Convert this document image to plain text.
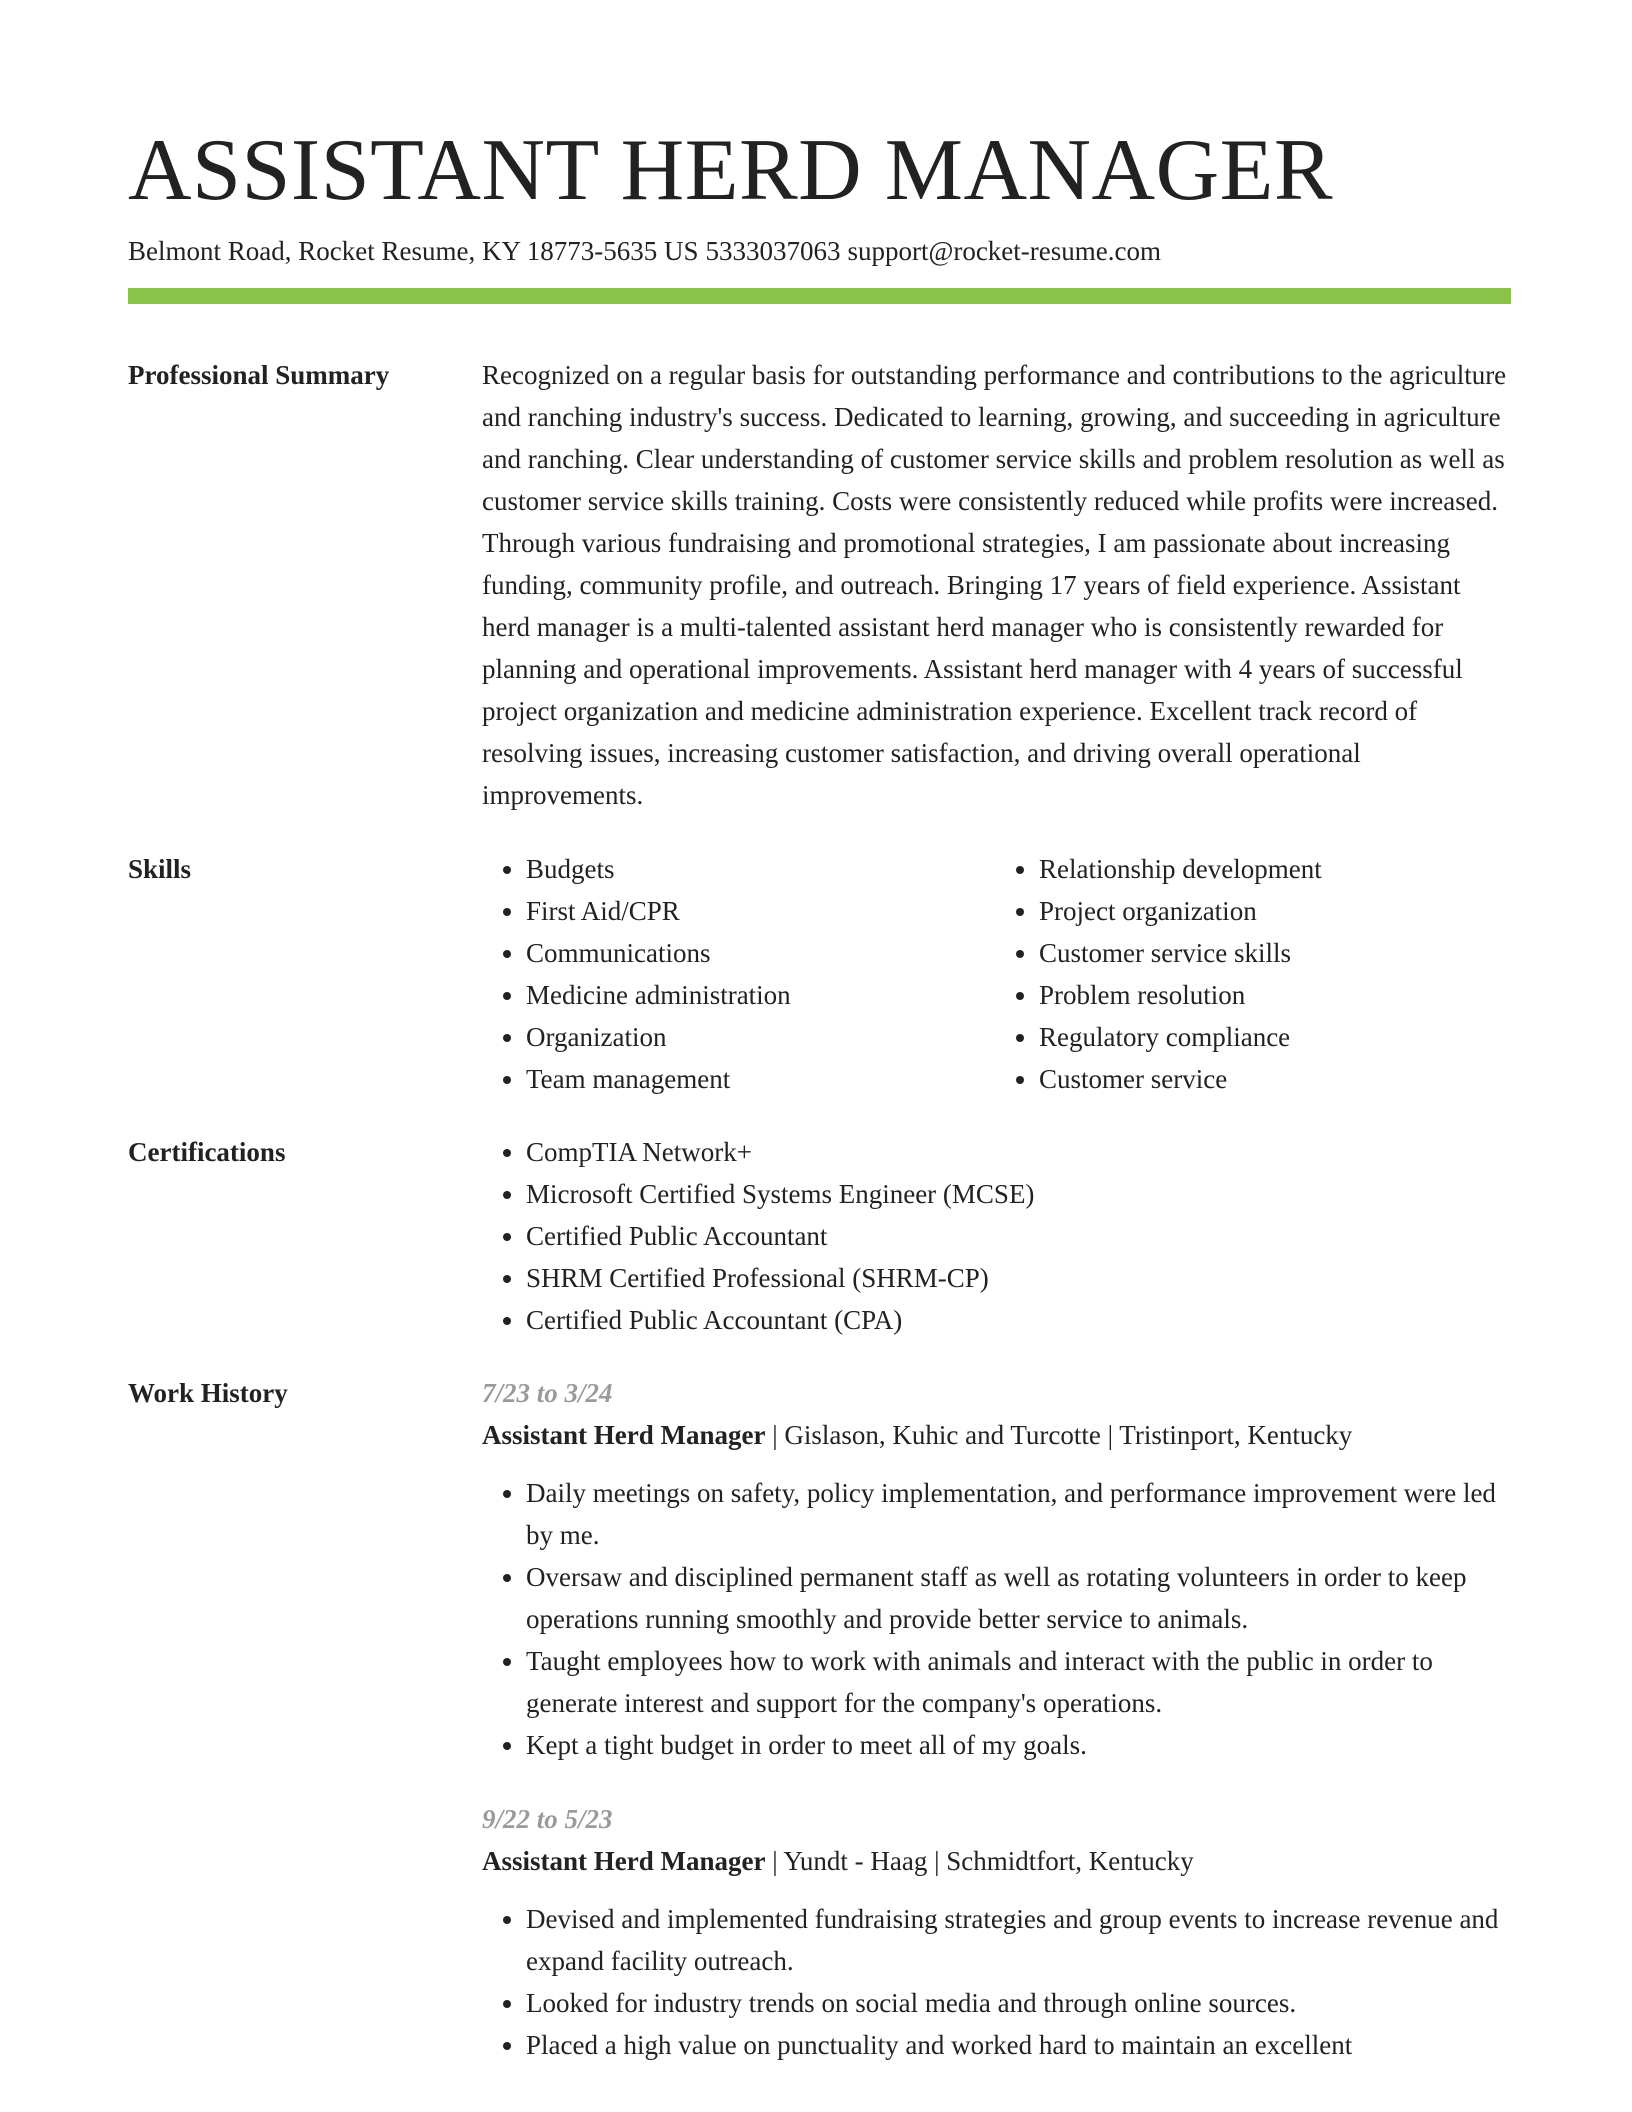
ASSISTANT HERD MANAGER
Belmont Road, Rocket Resume, KY 18773-5635 US 5333037063 support@rocket-resume.com
Professional Summary	Recognized on a regular basis for outstanding performance and contributions to the agriculture and ranching industry's success. Dedicated to learning, growing, and succeeding in agriculture and ranching. Clear understanding of customer service skills and problem resolution as well as customer service skills training. Costs were consistently reduced while profits were increased. Through various fundraising and promotional strategies, I am passionate about increasing funding, community profile, and outreach. Bringing 17 years of field experience. Assistant herd manager is a multi-talented assistant herd manager who is consistently rewarded for planning and operational improvements. Assistant herd manager with 4 years of successful project organization and medicine administration experience. Excellent track record of resolving issues, increasing customer satisfaction, and driving overall operational improvements.

Skills	• Budgets
• First Aid/CPR
• Communications
• Medicine administration
• Organization
• Team management
• Relationship development
• Project organization
• Customer service skills
• Problem resolution
• Regulatory compliance
• Customer service
Certifications	• CompTIA Network+
• Microsoft Certified Systems Engineer (MCSE)
• Certified Public Accountant
• SHRM Certified Professional (SHRM-CP)
• Certified Public Accountant (CPA)
Work History	7/23 to 3/24
Assistant Herd Manager | Gislason, Kuhic and Turcotte | Tristinport, Kentucky
• Daily meetings on safety, policy implementation, and performance improvement were led by me.
• Oversaw and disciplined permanent staff as well as rotating volunteers in order to keep operations running smoothly and provide better service to animals.
• Taught employees how to work with animals and interact with the public in order to generate interest and support for the company's operations.
• Kept a tight budget in order to meet all of my goals.
9/22 to 5/23
Assistant Herd Manager | Yundt - Haag | Schmidtfort, Kentucky
• Devised and implemented fundraising strategies and group events to increase revenue and expand facility outreach.
• Looked for industry trends on social media and through online sources.
• Placed a high value on punctuality and worked hard to maintain an excellent
